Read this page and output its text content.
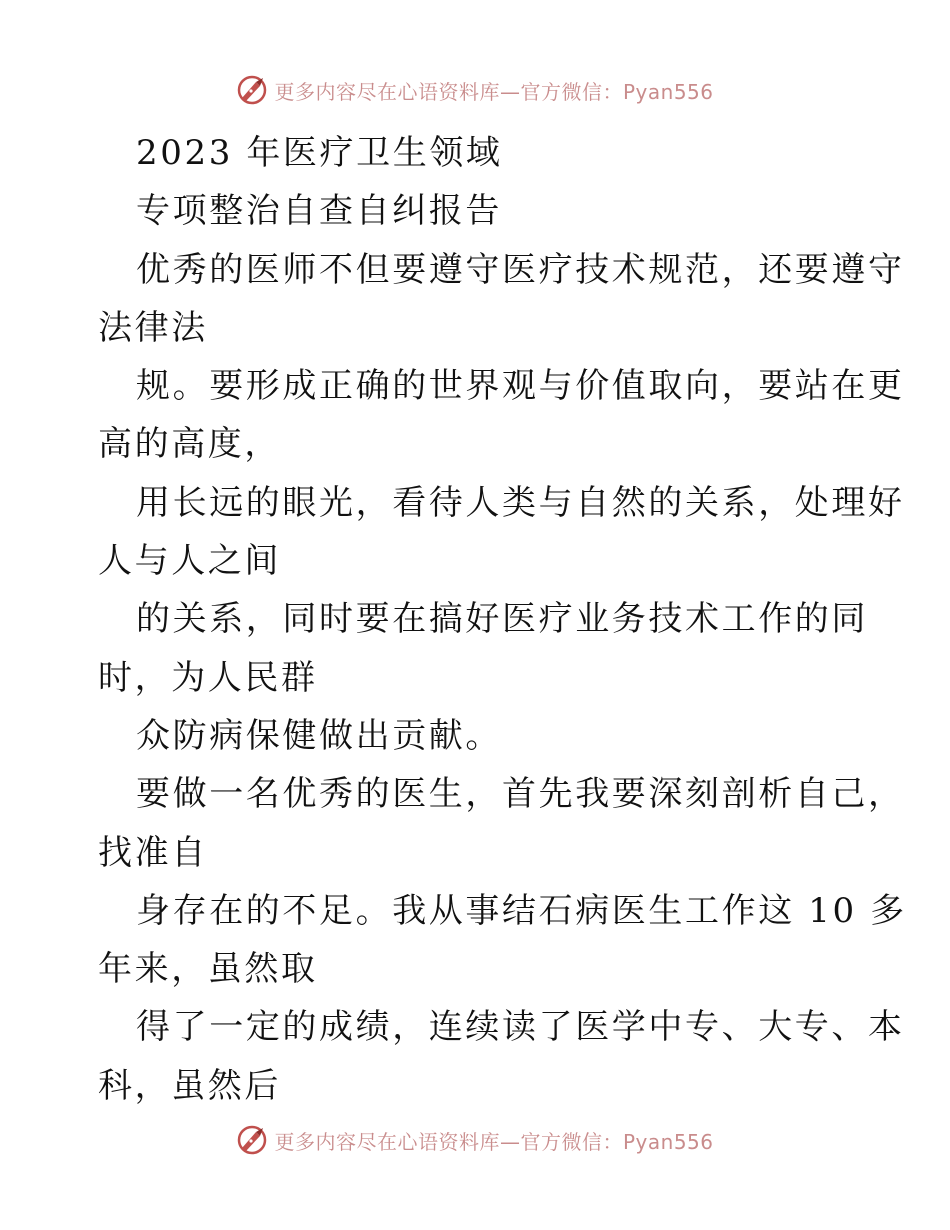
更多内容尽在心语资料库—官方微信：Pyan556
2023 年医疗卫生领域
专项整治自查自纠报告
优秀的医师不但要遵守医疗技术规范，还要遵守
法律法
规。要形成正确的世界观与价值取向，要站在更
高的高度，
用长远的眼光，看待人类与自然的关系，处理好
人与人之间
的关系，同时要在搞好医疗业务技术工作的同
时，为人民群
众防病保健做出贡献。
要做一名优秀的医生，首先我要深刻剖析自己，
找准自
身存在的不足。我从事结石病医生工作这 10 多
年来，虽然取
得了一定的成绩，连续读了医学中专、大专、本
科，虽然后
更多内容尽在心语资料库—官方微信：Pyan556
